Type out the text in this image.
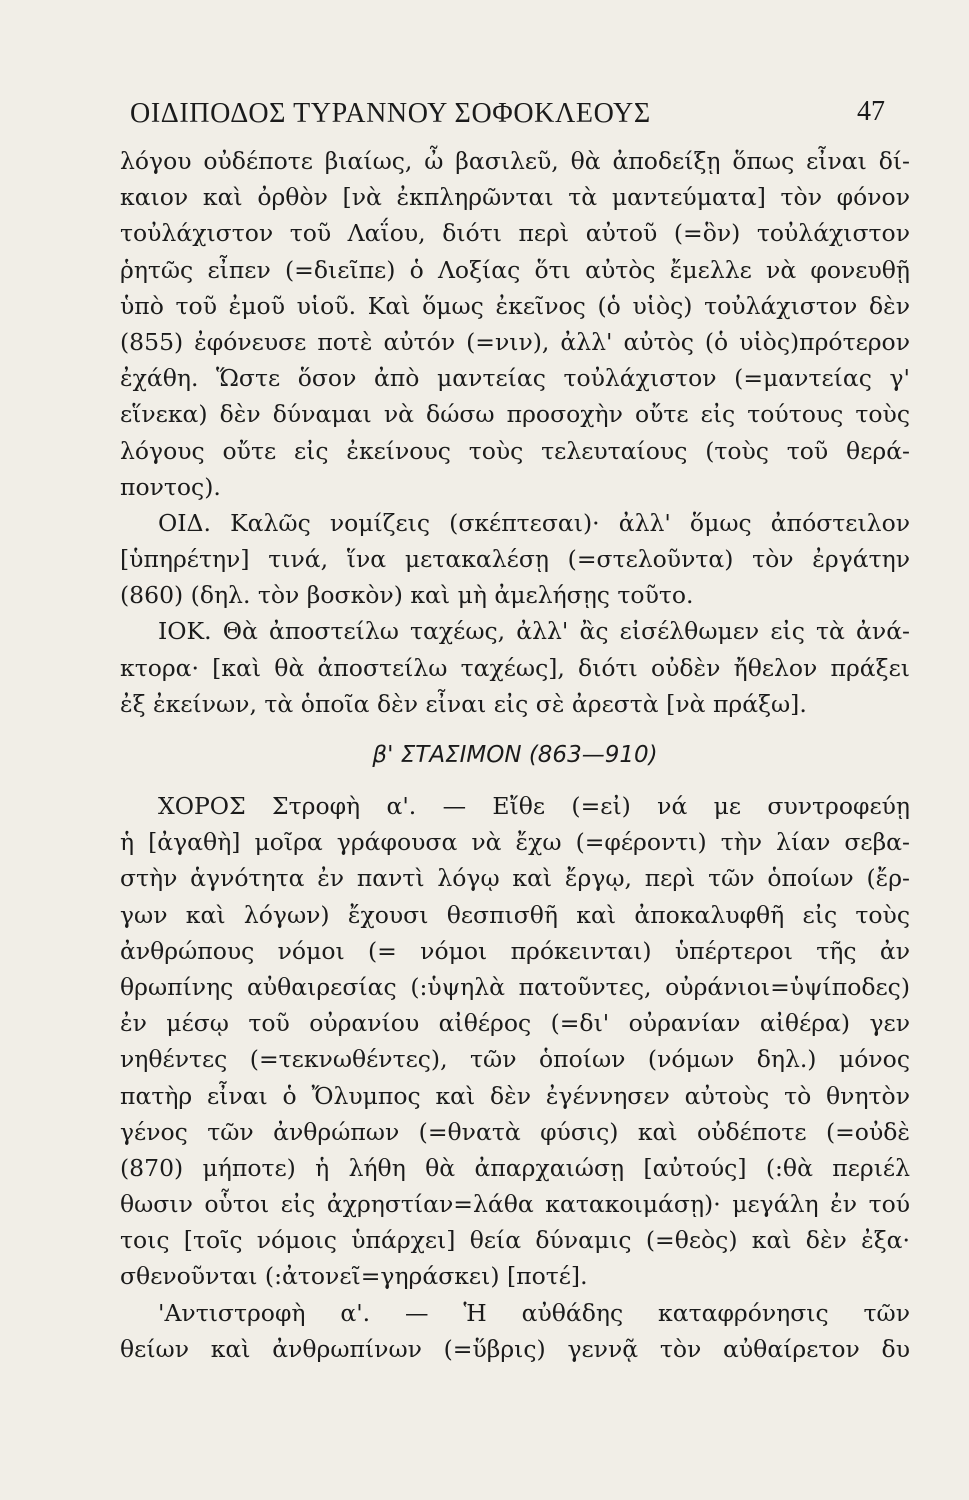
ΟΙΔΙΠΟΔΟΣ ΤΥΡΑΝΝΟΥ ΣΟΦΟΚΛΕΟΥΣ	47
λόγου οὐδέποτε βιαίως, ὦ βασιλεῦ, θὰ ἀποδείξῃ ὅπως εἶναι δί-
καιον καὶ ὀρθὸν [νὰ ἐκπληρῶνται τὰ μαντεύματα] τὸν φόνον
τοὐλάχιστον τοῦ Λαΐου, διότι περὶ αὐτοῦ (=ὃν) τοὐλάχιστον
ῥητῶς εἶπεν (=διεῖπε) ὁ Λοξίας ὅτι αὐτὸς ἔμελλε νὰ φονευθῇ
ὑπὸ τοῦ ἐμοῦ υἱοῦ. Καὶ ὅμως ἐκεῖνος (ὁ υἱὸς) τοὐλάχιστον δὲν
(855) ἐφόνευσε ποτὲ αὐτόν (=νιν), ἀλλ' αὐτὸς (ὁ υἱὸς)πρότερον
ἐχάθη. Ὥστε ὅσον ἀπὸ μαντείας τοὐλάχιστον (=μαντείας γ'
εἵνεκα) δὲν δύναμαι νὰ δώσω προσοχὴν οὔτε εἰς τούτους τοὺς
λόγους οὔτε εἰς ἐκείνους τοὺς τελευταίους (τοὺς τοῦ θερά-
ποντος).
ΟΙΔ. Καλῶς νομίζεις (σκέπτεσαι)· ἀλλ' ὅμως ἀπόστειλον
[ὑπηρέτην] τινά, ἵνα μετακαλέσῃ (=στελοῦντα) τὸν ἐργάτην
(860) (δηλ. τὸν βοσκὸν) καὶ μὴ ἀμελήσῃς τοῦτο.
ΙΟΚ. Θὰ ἀποστείλω ταχέως, ἀλλ' ἂς εἰσέλθωμεν εἰς τὰ ἀνά-
κτορα· [καὶ θὰ ἀποστείλω ταχέως], διότι οὐδὲν ἤθελον πράξει
ἐξ ἐκείνων, τὰ ὁποῖα δὲν εἶναι εἰς σὲ ἀρεστὰ [νὰ πράξω].
β' ΣΤΑΣΙΜΟΝ (863—910)
ΧΟΡΟΣ Στροφὴ α'. — Εἴθε (=εἰ) νά με συντροφεύῃ
ἡ [ἀγαθὴ] μοῖρα γράφουσα νὰ ἔχω (=φέροντι) τὴν λίαν σεβα-
στὴν ἁγνότητα ἐν παντὶ λόγῳ καὶ ἔργῳ, περὶ τῶν ὁποίων (ἔρ-
γων καὶ λόγων) ἔχουσι θεσπισθῆ καὶ ἀποκαλυφθῆ εἰς τοὺς
ἀνθρώπους νόμοι (= νόμοι πρόκεινται) ὑπέρτεροι τῆς ἀν
θρωπίνης αὐθαιρεσίας (:ὑψηλὰ πατοῦντες, οὐράνιοι=ὑψίποδες)
ἐν μέσῳ τοῦ οὐρανίου αἰθέρος (=δι' οὐρανίαν αἰθέρα) γεν
νηθέντες (=τεκνωθέντες), τῶν ὁποίων (νόμων δηλ.) μόνος
πατὴρ εἶναι ὁ Ὄλυμπος καὶ δὲν ἐγέννησεν αὐτοὺς τὸ θνητὸν
γένος τῶν ἀνθρώπων (=θνατὰ φύσις) καὶ οὐδέποτε (=οὐδὲ
(870) μήποτε) ἡ λήθη θὰ ἀπαρχαιώσῃ [αὐτούς] (:θὰ περιέλ
θωσιν οὗτοι εἰς ἀχρηστίαν=λάθα κατακοιμάσῃ)· μεγάλη ἐν τού
τοις [τοῖς νόμοις ὑπάρχει] θεία δύναμις (=θεὸς) καὶ δὲν ἐξα·
σθενοῦνται (:ἀτονεῖ=γηράσκει) [ποτέ].
'Αντιστροφὴ α'. — Ἡ αὐθάδης καταφρόνησις τῶν
θείων καὶ ἀνθρωπίνων (=ὕβρις) γεννᾷ τὸν αὐθαίρετον δυ
